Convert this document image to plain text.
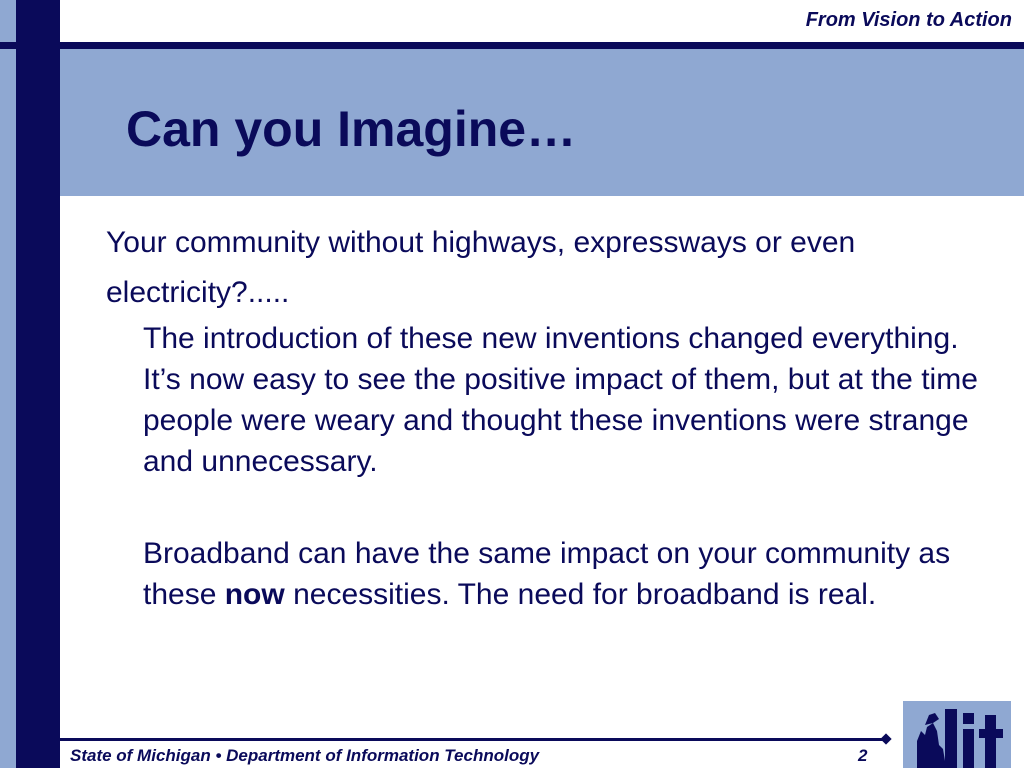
From Vision to Action

Can you Imagine…

Your community without highways, expressways or even electricity?.....

The introduction of these new inventions changed everything. It’s now easy to see the positive impact of them, but at the time people were weary and thought these inventions were strange and unnecessary.

Broadband can have the same impact on your community as these now necessities. The need for broadband is real.

State of Michigan • Department of Information Technology	2
